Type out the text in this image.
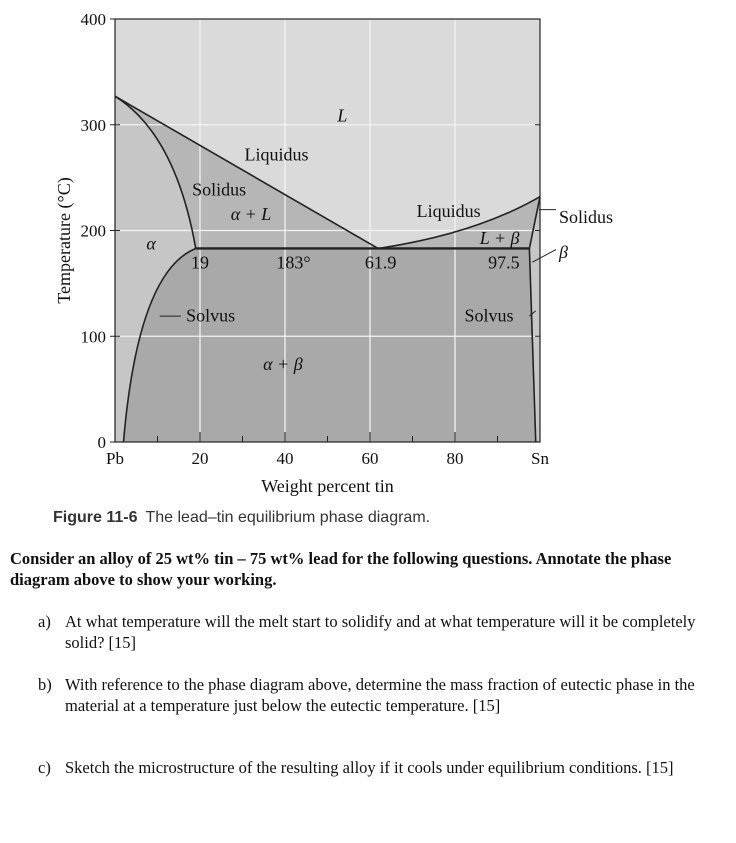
0
100
200
300
400
20	40	60	80
Pb	Sn
Weight percent tin
Temperature (°C)
L
Liquidus
Solidus
α + L	Liquidus
L + β
α
19	183°	61.9	97.5
Solvus	Solvus
α + β
Solidus
β
Figure 11-6 The lead–tin equilibrium phase diagram.
Consider an alloy of 25 wt% tin – 75 wt% lead for the following questions. Annotate the phase diagram above to show your working.
a) At what temperature will the melt start to solidify and at what temperature will it be completely solid? [15]
b) With reference to the phase diagram above, determine the mass fraction of eutectic phase in the material at a temperature just below the eutectic temperature. [15]
c) Sketch the microstructure of the resulting alloy if it cools under equilibrium conditions. [15]
